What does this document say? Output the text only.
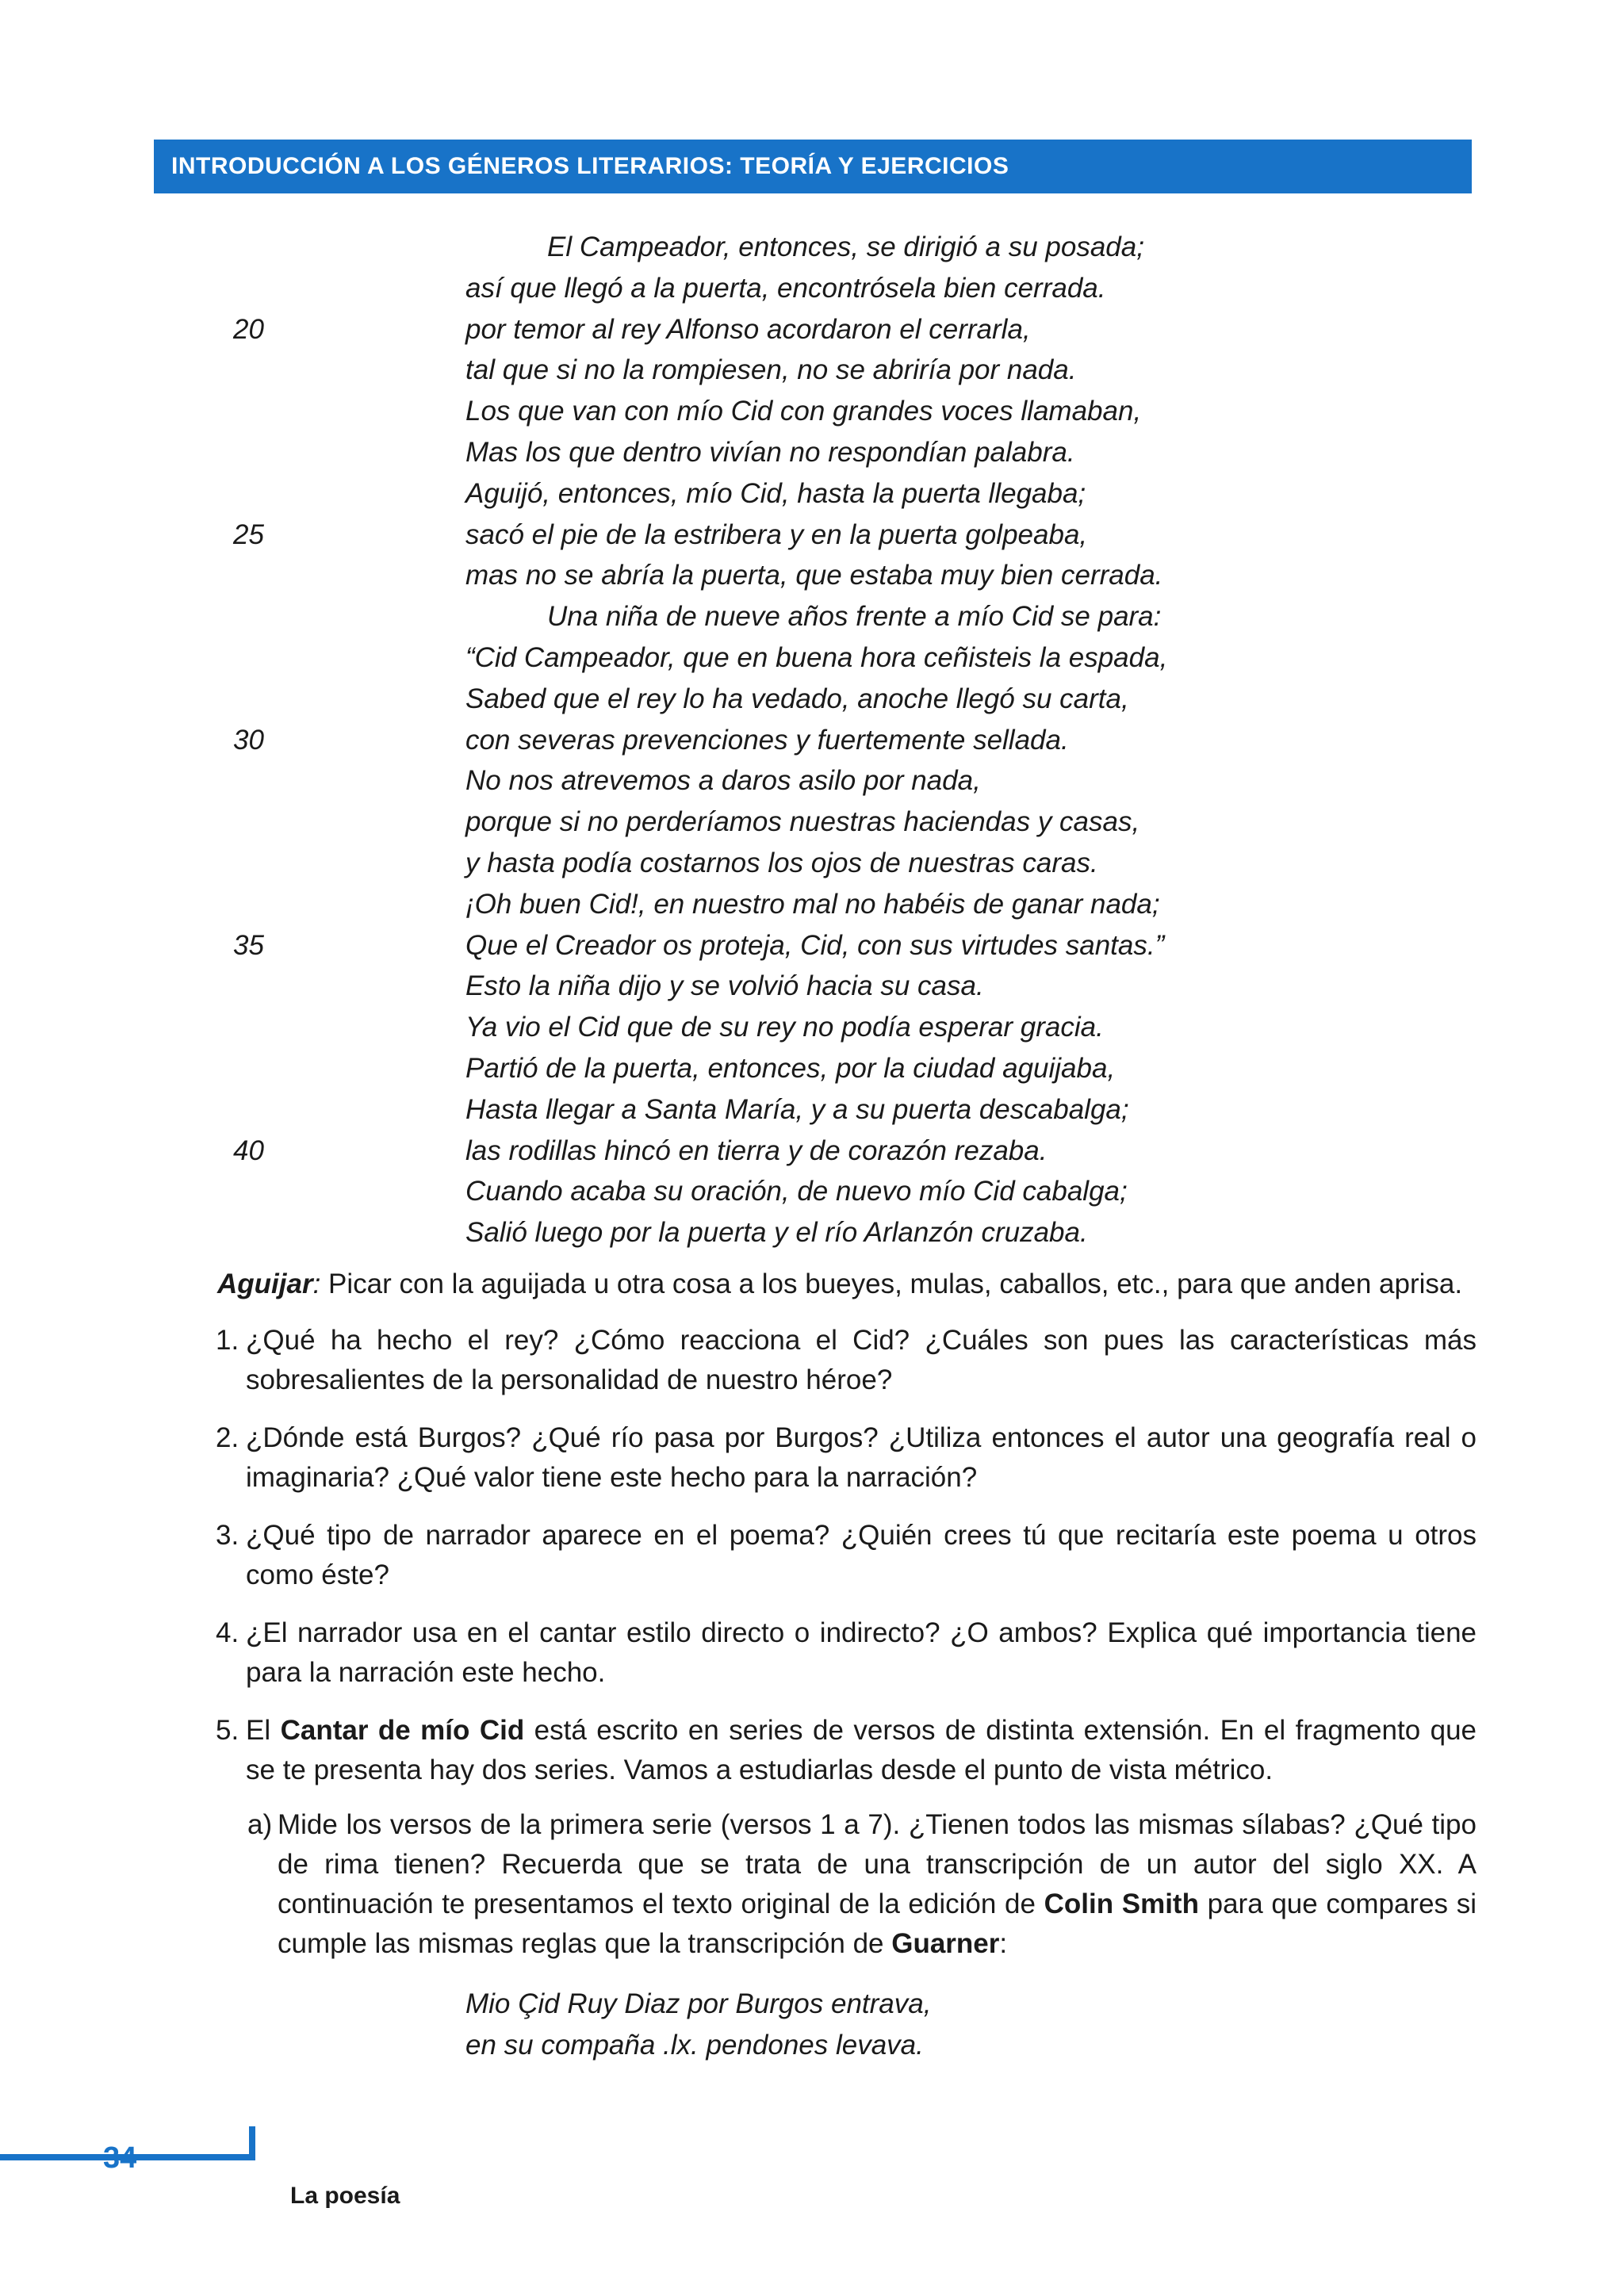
INTRODUCCIÓN A LOS GÉNEROS LITERARIOS: TEORÍA Y EJERCICIOS
El Campeador, entonces, se dirigió a su posada;
así que llegó a la puerta, encontrósela bien cerrada.
20	por temor al rey Alfonso acordaron el cerrarla,
tal que si no la rompiesen, no se abriría por nada.
Los que van con mío Cid con grandes voces llamaban,
Mas los que dentro vivían no respondían palabra.
Aguijó, entonces, mío Cid, hasta la puerta llegaba;
25	sacó el pie de la estribera y en la puerta golpeaba,
mas no se abría la puerta, que estaba muy bien cerrada.
Una niña de nueve años frente a mío Cid se para:
“Cid Campeador, que en buena hora ceñisteis la espada,
Sabed que el rey lo ha vedado, anoche llegó su carta,
30	con severas prevenciones y fuertemente sellada.
No nos atrevemos a daros asilo por nada,
porque si no perderíamos nuestras haciendas y casas,
y hasta podía costarnos los ojos de nuestras caras.
¡Oh buen Cid!, en nuestro mal no habéis de ganar nada;
35	Que el Creador os proteja, Cid, con sus virtudes santas.”
Esto la niña dijo y se volvió hacia su casa.
Ya vio el Cid que de su rey no podía esperar gracia.
Partió de la puerta, entonces, por la ciudad aguijaba,
Hasta llegar a Santa María, y a su puerta descabalga;
40	las rodillas hincó en tierra y de corazón rezaba.
Cuando acaba su oración, de nuevo mío Cid cabalga;
Salió luego por la puerta y el río Arlanzón cruzaba.
Aguijar: Picar con la aguijada u otra cosa a los bueyes, mulas, caballos, etc., para que anden aprisa.
1. ¿Qué ha hecho el rey? ¿Cómo reacciona el Cid? ¿Cuáles son pues las características más sobresalientes de la personalidad de nuestro héroe?
2. ¿Dónde está Burgos? ¿Qué río pasa por Burgos? ¿Utiliza entonces el autor una geografía real o imaginaria? ¿Qué valor tiene este hecho para la narración?
3. ¿Qué tipo de narrador aparece en el poema? ¿Quién crees tú que recitaría este poema u otros como éste?
4. ¿El narrador usa en el cantar estilo directo o indirecto? ¿O ambos? Explica qué importancia tiene para la narración este hecho.
5. El Cantar de mío Cid está escrito en series de versos de distinta extensión. En el fragmento que se te presenta hay dos series. Vamos a estudiarlas desde el punto de vista métrico.
a) Mide los versos de la primera serie (versos 1 a 7). ¿Tienen todos las mismas sílabas? ¿Qué tipo de rima tienen? Recuerda que se trata de una transcripción de un autor del siglo XX. A continuación te presentamos el texto original de la edición de Colin Smith para que compares si cumple las mismas reglas que la transcripción de Guarner:
Mio Çid Ruy Diaz por Burgos entrava,
en su compaña .lx. pendones levava.
34
La poesía
